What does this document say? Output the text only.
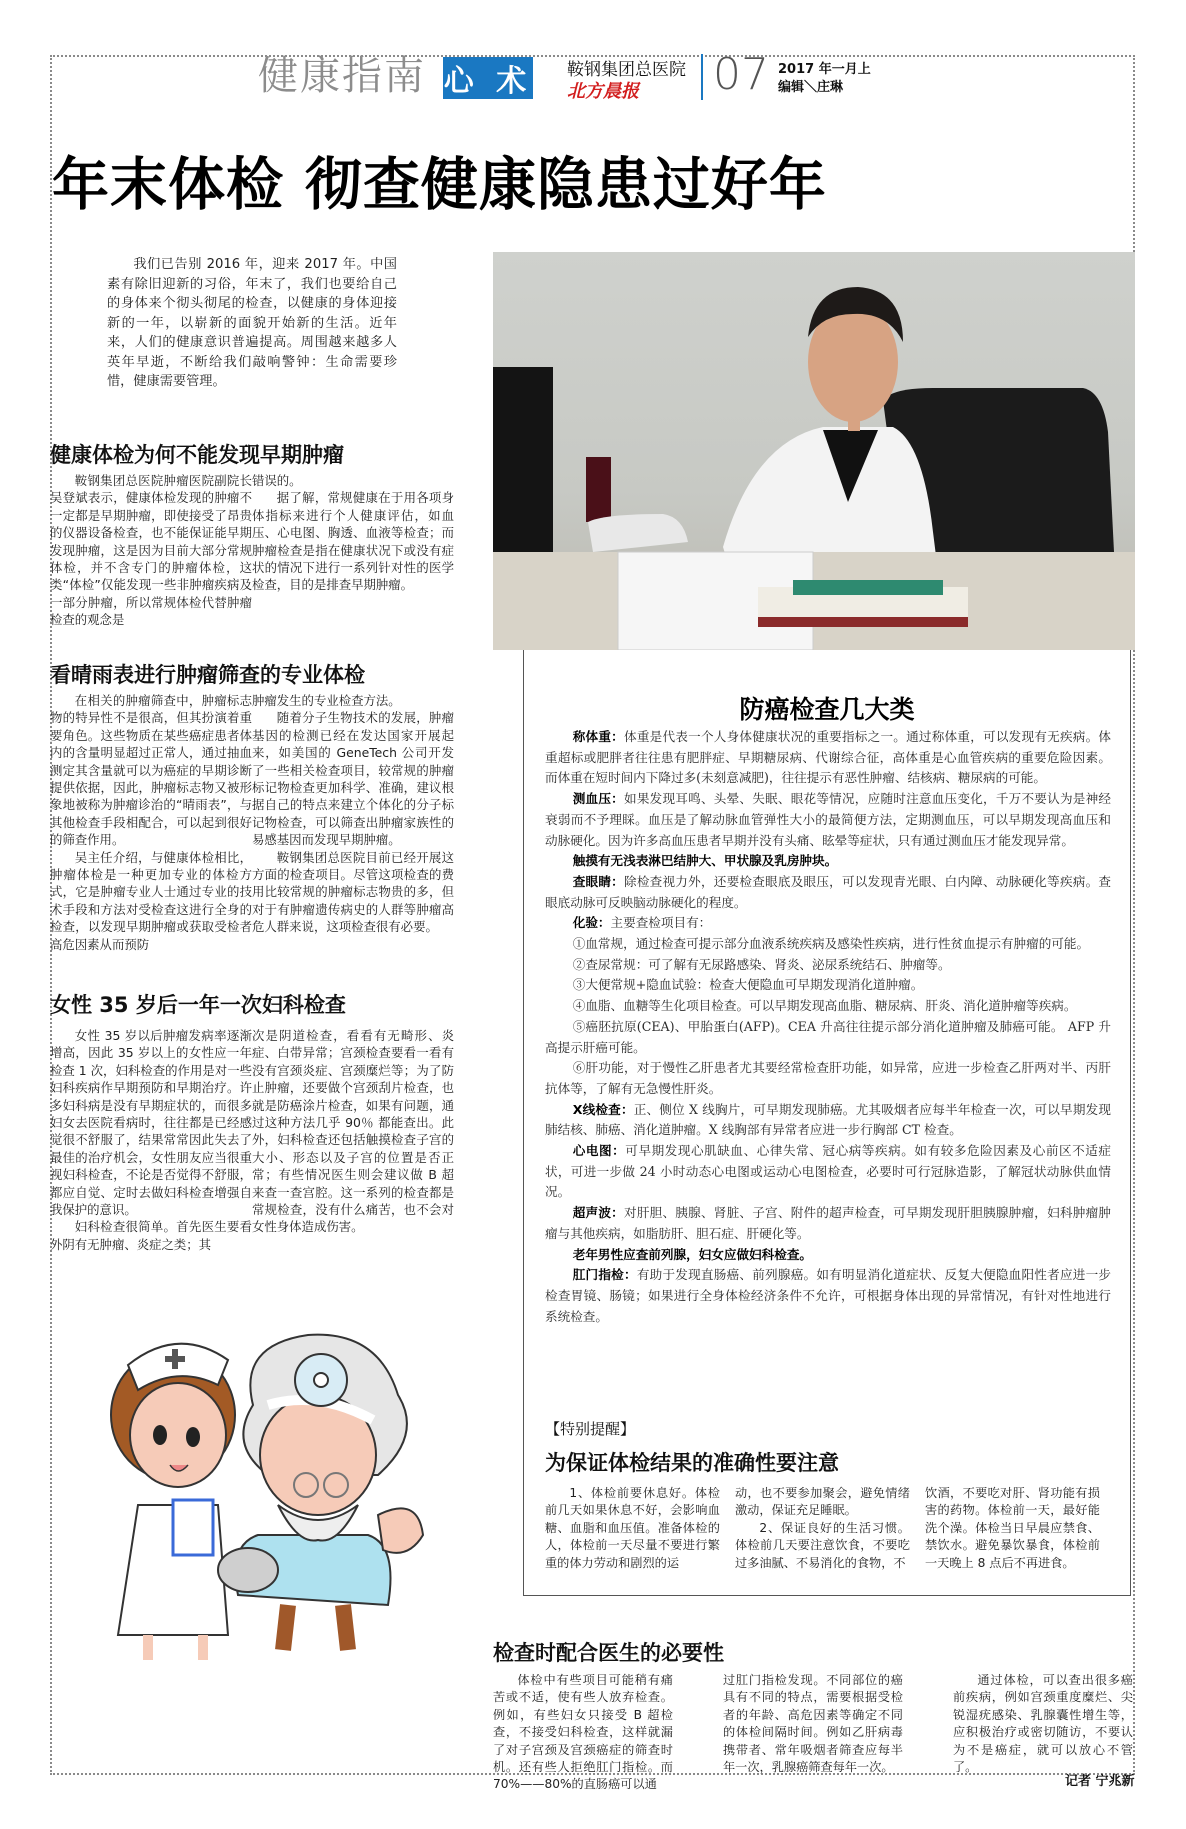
健康指南 心 术 鞍钢集团总医院
北方晨报 07 2017 年一月上
编辑＼庄琳
年末体检 彻查健康隐患过好年

我们已告别 2016 年，迎来 2017 年。中国素有除旧迎新的习俗，年末了，我们也要给自己的身体来个彻头彻尾的检查，以健康的身体迎接新的一年，以崭新的面貌开始新的生活。近年来，人们的健康意识普遍提高。周围越来越多人英年早逝，不断给我们敲响警钟：生命需要珍惜，健康需要管理。

健康体检为何不能发现早期肿瘤

鞍钢集团总医院肿瘤医院副院长吴登斌表示，健康体检发现的肿瘤不一定都是早期肿瘤，即使接受了昂贵的仪器设备检查，也不能保证能早期发现肿瘤，这是因为目前大部分常规体检，并不含专门的肿瘤体检，这类“体检”仅能发现一些非肿瘤疾病及一部分肿瘤，所以常规体检代替肿瘤检查的观念是

错误的。

据了解，常规健康在于用各项身体指标来进行个人健康评估，如血压、心电图、胸透、血液等检查；而肿瘤检查是指在健康状况下或没有症状的情况下进行一系列针对性的医学检查，目的是排查早期肿瘤。

看晴雨表进行肿瘤筛查的专业体检

在相关的肿瘤筛查中，肿瘤标志物的特异性不是很高，但其扮演着重要角色。这些物质在某些癌症患者体内的含量明显超过正常人，通过抽血测定其含量就可以为癌症的早期诊断提供依据，因此，肿瘤标志物又被形象地被称为肿瘤诊治的“晴雨表”，与其他检查手段相配合，可以起到很好的筛查作用。

吴主任介绍，与健康体检相比，肿瘤体检是一种更加专业的体检方式，它是肿瘤专业人士通过专业的技术手段和方法对受检查这进行全身的检查，以发现早期肿瘤或获取受检者高危因素从而预防

肿瘤发生的专业检查方法。

随着分子生物技术的发展，肿瘤基因的检测已经在发达国家开展起来，如美国的 GeneTech 公司开发了一些相关检查项目，较常规的肿瘤标记物检查更加科学、准确，建议根据自己的特点来建立个体化的分子标记物检查，可以筛查出肿瘤家族性的易感基因而发现早期肿瘤。

鞍钢集团总医院目前已经开展这方面的检查项目。尽管这项检查的费用比较常规的肿瘤标志物贵的多，但对于有肿瘤遗传病史的人群等肿瘤高危人群来说，这项检查很有必要。

女性 35 岁后一年一次妇科检查

女性 35 岁以后肿瘤发病率逐渐增高，因此 35 岁以上的女性应一年检查 1 次，妇科检查的作用是对一些妇科疾病作早期预防和早期治疗。许多妇科病是没有早期症状的，而很多妇女去医院看病时，往往都是已经感觉很不舒服了，结果常常因此失去了最佳的治疗机会，女性朋友应当很重视妇科检查，不论是否觉得不舒服，都应自觉、定时去做妇科检查增强自我保护的意识。

妇科检查很简单。首先医生要看外阴有无肿瘤、炎症之类；其

次是阴道检查，看看有无畸形、炎症、白带异常；宫颈检查要看一看有没有宫颈炎症、宫颈糜烂等；为了防止肿瘤，还要做个宫颈刮片检查，也就是防癌涂片检查，如果有问题，通过这种方法几乎 90％ 都能查出。此外，妇科检查还包括触摸检查子宫的大小、形态以及子宫的位置是否正常；有些情况医生则会建议做 B 超来查一查宫腔。这一系列的检查都是常规检查，没有什么痛苦，也不会对女性身体造成伤害。

防癌检查几大类

称体重：体重是代表一个人身体健康状况的重要指标之一。通过称体重，可以发现有无疾病。体重超标或肥胖者往往患有肥胖症、早期糖尿病、代谢综合征，高体重是心血管疾病的重要危险因素。而体重在短时间内下降过多(未刻意减肥)，往往提示有恶性肿瘤、结核病、糖尿病的可能。

测血压：如果发现耳鸣、头晕、失眠、眼花等情况，应随时注意血压变化，千万不要认为是神经衰弱而不予理睬。血压是了解动脉血管弹性大小的最简便方法，定期测血压，可以早期发现高血压和动脉硬化。因为许多高血压患者早期并没有头痛、眩晕等症状，只有通过测血压才能发现异常。

触摸有无浅表淋巴结肿大、甲状腺及乳房肿块。

查眼睛：除检查视力外，还要检查眼底及眼压，可以发现青光眼、白内障、动脉硬化等疾病。查眼底动脉可反映脑动脉硬化的程度。

化验：主要查检项目有：

①血常规，通过检查可提示部分血液系统疾病及感染性疾病，进行性贫血提示有肿瘤的可能。

②查尿常规：可了解有无尿路感染、肾炎、泌尿系统结石、肿瘤等。

③大便常规+隐血试验：检查大便隐血可早期发现消化道肿瘤。

④血脂、血糖等生化项目检查。可以早期发现高血脂、糖尿病、肝炎、消化道肿瘤等疾病。

⑤癌胚抗原(CEA)、甲胎蛋白(AFP)。CEA 升高往往提示部分消化道肿瘤及肺癌可能。 AFP 升高提示肝癌可能。

⑥肝功能，对于慢性乙肝患者尤其要经常检查肝功能，如异常，应进一步检查乙肝两对半、丙肝抗体等，了解有无急慢性肝炎。

X线检查：正、侧位 X 线胸片，可早期发现肺癌。尤其吸烟者应每半年检查一次，可以早期发现肺结核、肺癌、消化道肿瘤。X 线胸部有异常者应进一步行胸部 CT 检查。

心电图：可早期发现心肌缺血、心律失常、冠心病等疾病。如有较多危险因素及心前区不适症状，可进一步做 24 小时动态心电图或运动心电图检查，必要时可行冠脉造影，了解冠状动脉供血情况。

超声波：对肝胆、胰腺、肾脏、子宫、附件的超声检查，可早期发现肝胆胰腺肿瘤，妇科肿瘤肿瘤与其他疾病，如脂肪肝、胆石症、肝硬化等。

老年男性应查前列腺，妇女应做妇科检查。

肛门指检：有助于发现直肠癌、前列腺癌。如有明显消化道症状、反复大便隐血阳性者应进一步检查胃镜、肠镜；如果进行全身体检经济条件不允许，可根据身体出现的异常情况，有针对性地进行系统检查。

【特别提醒】
为保证体检结果的准确性要注意

1、体检前要休息好。体检前几天如果休息不好，会影响血糖、血脂和血压值。准备体检的人，体检前一天尽量不要进行繁重的体力劳动和剧烈的运

动，也不要参加聚会，避免情绪激动，保证充足睡眠。

2、保证良好的生活习惯。体检前几天要注意饮食，不要吃过多油腻、不易消化的食物，不

饮酒，不要吃对肝、肾功能有损害的药物。体检前一天，最好能洗个澡。体检当日早晨应禁食、禁饮水。避免暴饮暴食，体检前一天晚上 8 点后不再进食。

检查时配合医生的必要性

体检中有些项目可能稍有痛苦或不适，使有些人放弃检查。例如，有些妇女只接受 B 超检查，不接受妇科检查，这样就漏了对子宫颈及宫颈癌症的筛查时机。还有些人拒绝肛门指检。而 70%——80%的直肠癌可以通

过肛门指检发现。不同部位的癌具有不同的特点，需要根据受检者的年龄、高危因素等确定不同的体检间隔时间。例如乙肝病毒携带者、常年吸烟者筛查应每半年一次，乳腺癌筛查每年一次。

通过体检，可以查出很多癌前疾病，例如宫颈重度糜烂、尖锐湿疣感染、乳腺囊性增生等，应积极治疗或密切随访，不要认为不是癌症，就可以放心不管了。

记者 宁兆新
